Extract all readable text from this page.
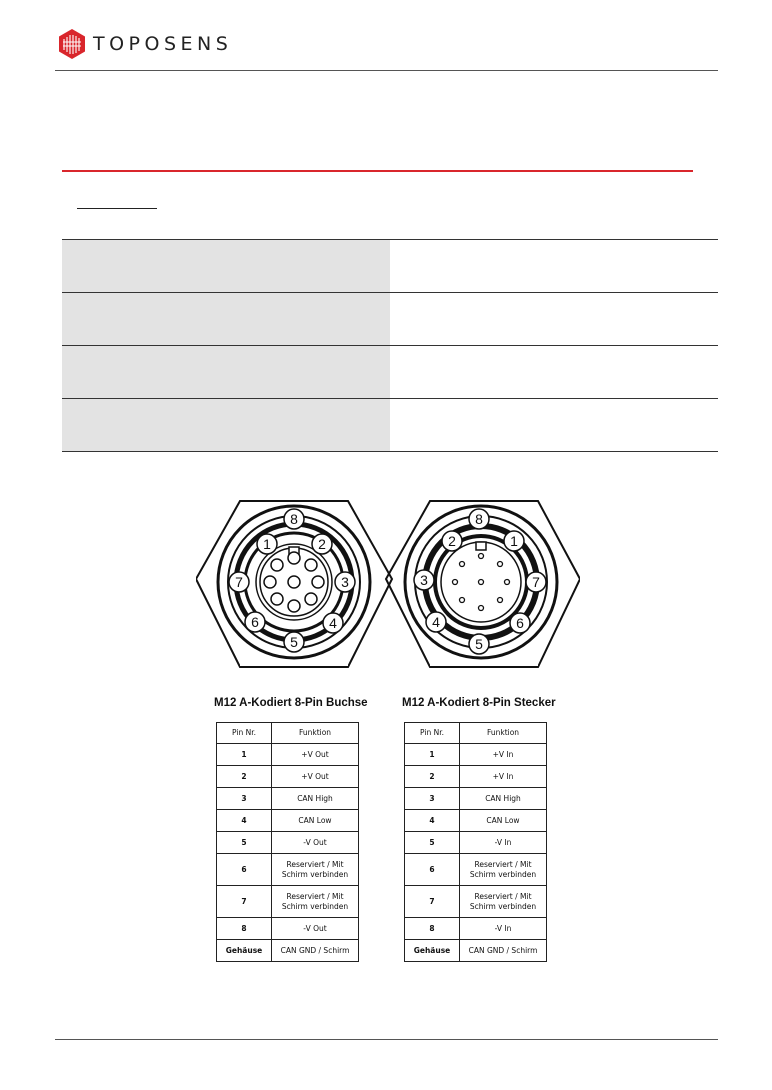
TOPOSENS

1	2
3
4
5
6
7
8
1
2
3
4
5
6
7
8
M12 A-Kodiert 8-Pin Buchse
Pin Nr.	Funktion
1	+V Out
2	+V Out
3	CAN High
4	CAN Low
5	-V Out
6	Reserviert / Mit Schirm verbinden
7	Reserviert / Mit Schirm verbinden
8	-V Out
Gehäuse	CAN GND / Schirm
M12 A-Kodiert 8-Pin Stecker
Pin Nr.	Funktion
1	+V In
2	+V In
3	CAN High
4	CAN Low
5	-V In
6	Reserviert / Mit Schirm verbinden
7	Reserviert / Mit Schirm verbinden
8	-V In
Gehäuse	CAN GND / Schirm
